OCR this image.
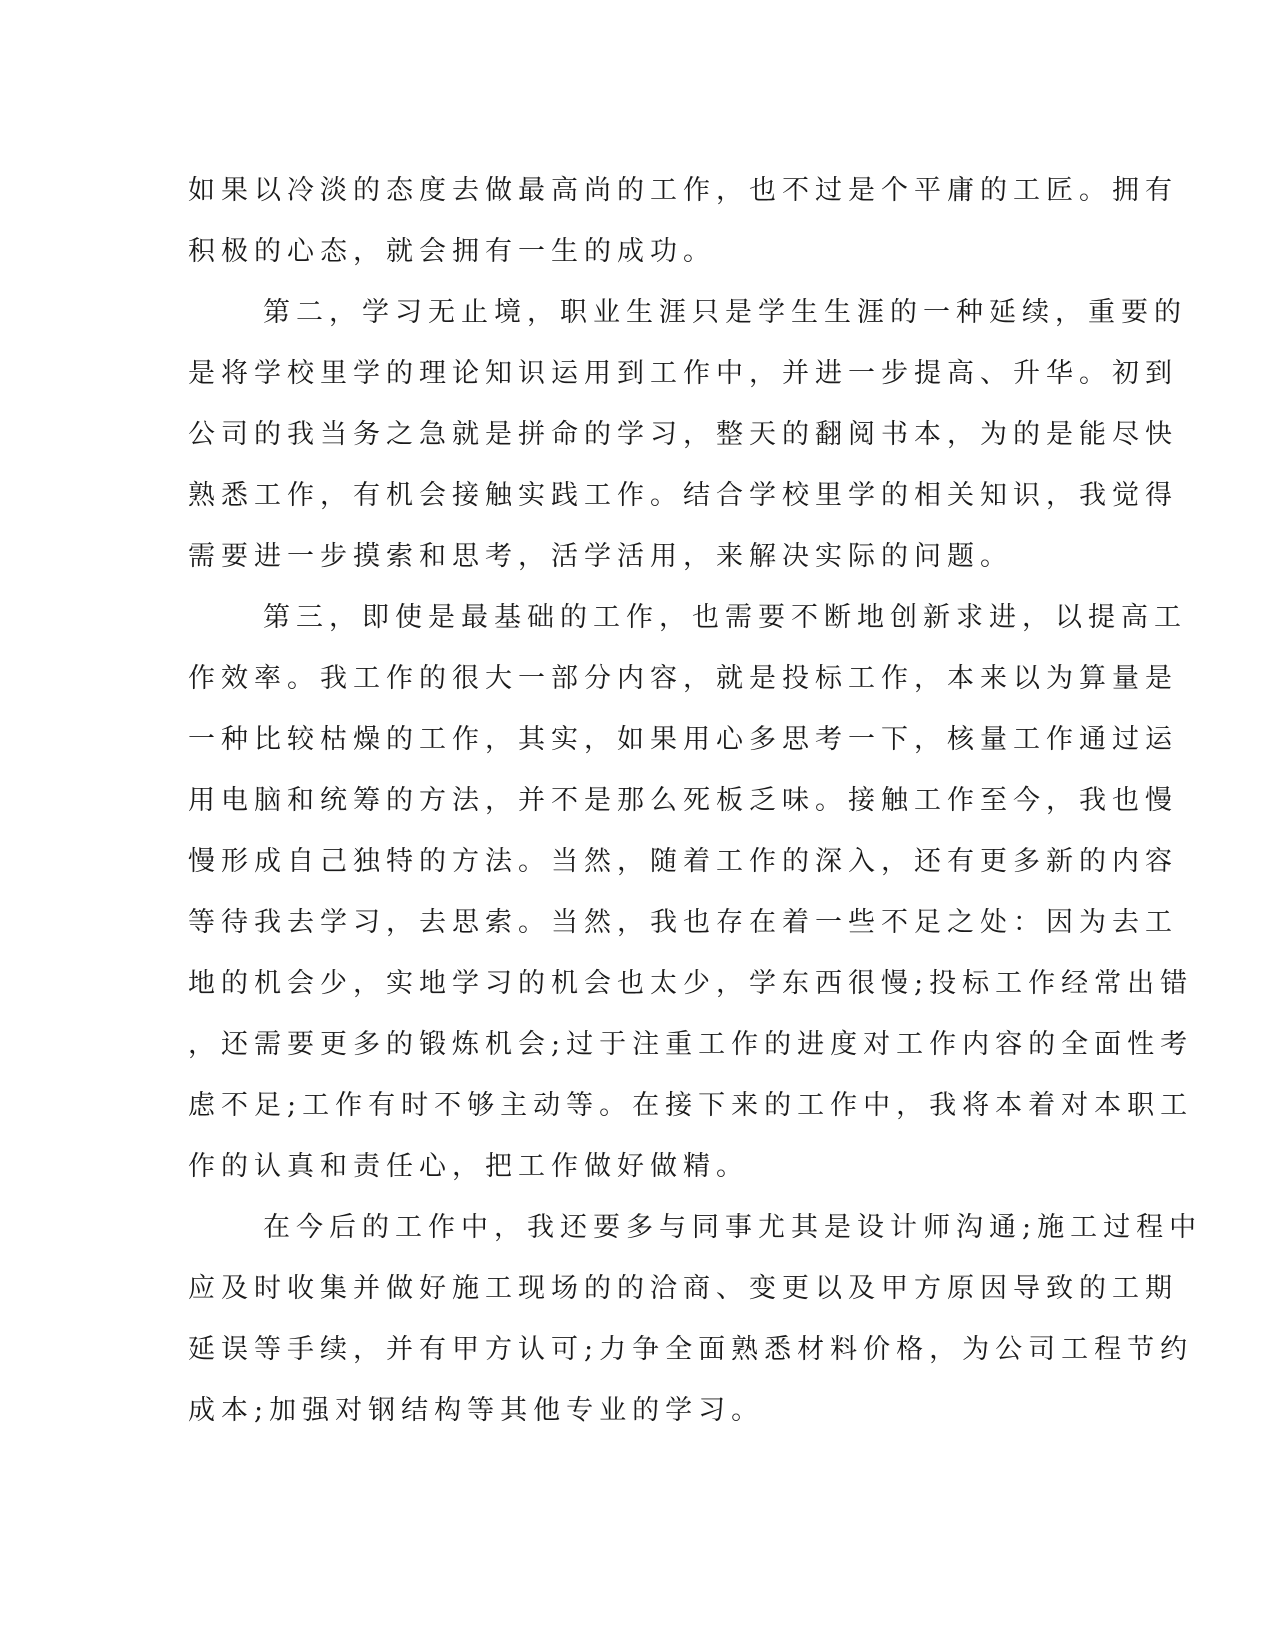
如果以冷淡的态度去做最高尚的工作，也不过是个平庸的工匠。拥有
积极的心态，就会拥有一生的成功。
第二，学习无止境，职业生涯只是学生生涯的一种延续，重要的
是将学校里学的理论知识运用到工作中，并进一步提高、升华。初到
公司的我当务之急就是拼命的学习，整天的翻阅书本，为的是能尽快
熟悉工作，有机会接触实践工作。结合学校里学的相关知识，我觉得
需要进一步摸索和思考，活学活用，来解决实际的问题。
第三，即使是最基础的工作，也需要不断地创新求进，以提高工
作效率。我工作的很大一部分内容，就是投标工作，本来以为算量是
一种比较枯燥的工作，其实，如果用心多思考一下，核量工作通过运
用电脑和统筹的方法，并不是那么死板乏味。接触工作至今，我也慢
慢形成自己独特的方法。当然，随着工作的深入，还有更多新的内容
等待我去学习，去思索。当然，我也存在着一些不足之处：因为去工
地的机会少，实地学习的机会也太少，学东西很慢;投标工作经常出错
，还需要更多的锻炼机会;过于注重工作的进度对工作内容的全面性考
虑不足;工作有时不够主动等。在接下来的工作中，我将本着对本职工
作的认真和责任心，把工作做好做精。
在今后的工作中，我还要多与同事尤其是设计师沟通;施工过程中
应及时收集并做好施工现场的的洽商、变更以及甲方原因导致的工期
延误等手续，并有甲方认可;力争全面熟悉材料价格，为公司工程节约
成本;加强对钢结构等其他专业的学习。
